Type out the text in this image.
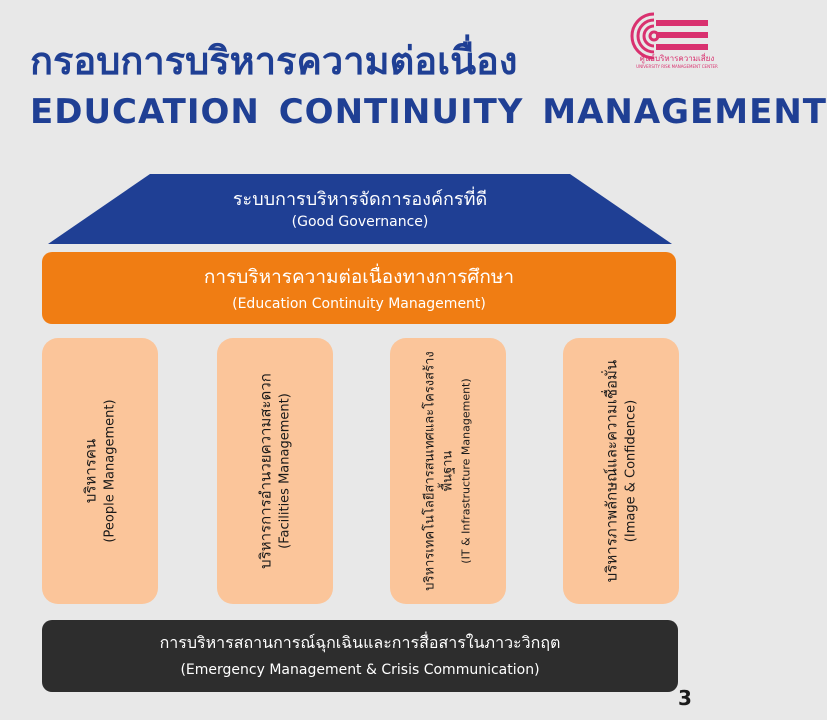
กรอบการบริหารความต่อเนื่อง
EDUCATION CONTINUITY MANAGEMENT
ศูนย์บริหารความเสี่ยง
UNIVERSITY RISK MANAGEMENT CENTER
ระบบการบริหารจัดการองค์กรที่ดี
(Good Governance)
การบริหารความต่อเนื่องทางการศึกษา
(Education Continuity Management)
บริหารคน (People Management)	บริหารการอำนวยความสะดวก (Facilities Management)	บริหารเทคโนโลยีสารสนเทศและโครงสร้างพื้นฐาน (IT & Infrastructure Management)	บริหารภาพลักษณ์และความเชื่อมั่น (Image & Confidence)
การบริหารสถานการณ์ฉุกเฉินและการสื่อสารในภาวะวิกฤต
(Emergency Management & Crisis Communication)
3
